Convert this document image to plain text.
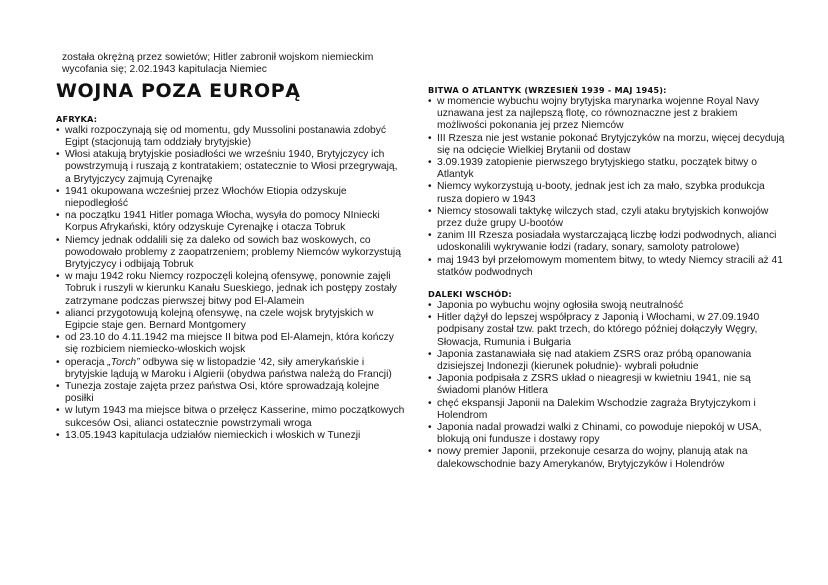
została okrężną przez sowietów; Hitler zabronił wojskom niemieckim wycofania się; 2.02.1943 kapitulacja Niemiec

WOJNA POZA EUROPĄ
AFRYKA:
• walki rozpoczynają się od momentu, gdy Mussolini postanawia zdobyć Egipt (stacjonują tam oddziały brytyjskie)
• Włosi atakują brytyjskie posiadłości we wrześniu 1940, Brytyjczycy ich powstrzymują i ruszają z kontratakiem; ostatecznie to Włosi przegrywają, a Brytyjczycy zajmują Cyrenajkę
• 1941 okupowana wcześniej przez Włochów Etiopia odzyskuje niepodległość
• na początku 1941 Hitler pomaga Włocha, wysyła do pomocy NIniecki Korpus Afrykański, który odzyskuje Cyrenajkę i otacza Tobruk
• Niemcy jednak oddalili się za daleko od sowich baz woskowych, co powodowało problemy z zaopatrzeniem; problemy Niemców wykorzystują Brytyjczycy i odbijają Tobruk
• w maju 1942 roku Niemcy rozpoczęli kolejną ofensywę, ponownie zajęli Tobruk i ruszyli w kierunku Kanału Sueskiego, jednak ich postępy zostały zatrzymane podczas pierwszej bitwy pod El-Alamein
• alianci przygotowują kolejną ofensywę, na czele wojsk brytyjskich w Egipcie staje gen. Bernard Montgomery
• od 23.10 do 4.11.1942 ma miejsce II bitwa pod El-Alamejn, która kończy się rozbiciem niemiecko-włoskich wojsk
• operacja „Torch” odbywa się w listopadzie '42, siły amerykańskie i brytyjskie lądują w Maroku i Algierii (obydwa państwa należą do Francji)
• Tunezja zostaje zajęta przez państwa Osi, które sprowadzają kolejne posiłki
• w lutym 1943 ma miejsce bitwa o przełęcz Kasserine, mimo początkowych sukcesów Osi, alianci ostatecznie powstrzymali wroga
• 13.05.1943 kapitulacja udziałów niemieckich i włoskich w Tunezji
BITWA O ATLANTYK (WRZESIEŃ 1939 - MAJ 1945):
• w momencie wybuchu wojny brytyjska marynarka wojenne Royal Navy uznawana jest za najlepszą flotę, co równoznaczne jest z brakiem możliwości pokonania jej przez Niemców
• III Rzesza nie jest wstanie pokonać Brytyjczyków na morzu, więcej decydują się na odcięcie Wielkiej Brytanii od dostaw
• 3.09.1939 zatopienie pierwszego brytyjskiego statku, początek bitwy o Atlantyk
• Niemcy wykorzystują u-booty, jednak jest ich za mało, szybka produkcja rusza dopiero w 1943
• Niemcy stosowali taktykę wilczych stad, czyli ataku brytyjskich konwojów przez duże grupy U-bootów
• zanim III Rzesza posiadała wystarczającą liczbę łodzi podwodnych, alianci udoskonalili wykrywanie łodzi (radary, sonary, samoloty patrolowe)
• maj 1943 był przełomowym momentem bitwy, to wtedy Niemcy stracili aż 41 statków podwodnych
DALEKI WSCHÓD:
• Japonia po wybuchu wojny ogłosiła swoją neutralność
• Hitler dążył do lepszej współpracy z Japonią i Włochami, w 27.09.1940 podpisany został tzw. pakt trzech, do którego później dołączyły Węgry, Słowacja, Rumunia i Bułgaria
• Japonia zastanawiała się nad atakiem ZSRS oraz próbą opanowania dzisiejszej Indonezji (kierunek południe)- wybrali południe
• Japonia podpisała z ZSRS układ o nieagresji w kwietniu 1941, nie są świadomi planów Hitlera
• chęć ekspansji Japonii na Dalekim Wschodzie zagraża Brytyjczykom i Holendrom
• Japonia nadal prowadzi walki z Chinami, co powoduje niepokój w USA, blokują oni fundusze i dostawy ropy
• nowy premier Japonii, przekonuje cesarza do wojny, planują atak na dalekowschodnie bazy Amerykanów, Brytyjczyków i Holendrów
